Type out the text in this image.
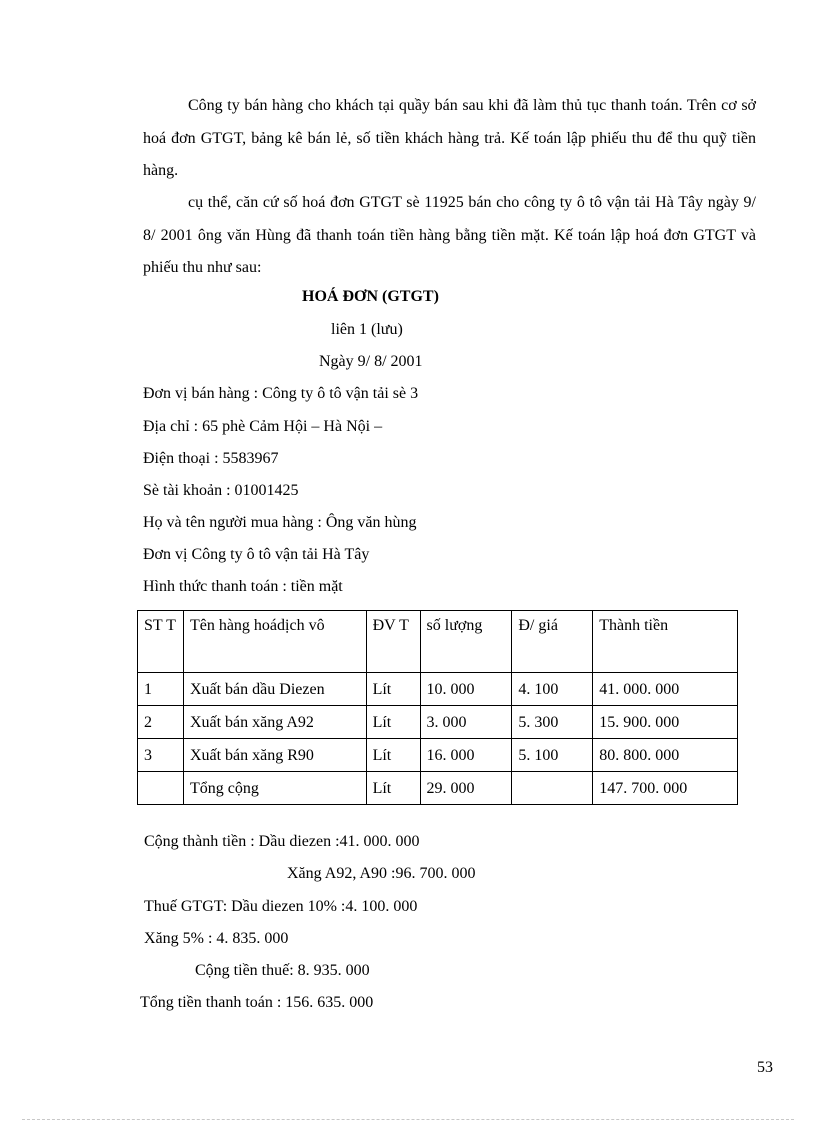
Công ty bán hàng cho khách tại quầy bán sau khi đã làm thủ tục thanh toán. Trên cơ sở hoá đơn GTGT, bảng kê bán lẻ, số tiền khách hàng trả. Kế toán lập phiếu thu để thu quỹ tiền hàng.

cụ thể, căn cứ số hoá đơn GTGT sè 11925 bán cho công ty ô tô vận tải Hà Tây ngày 9/ 8/ 2001 ông văn Hùng đã thanh toán tiền hàng bằng tiền mặt. Kế toán lập hoá đơn GTGT và phiếu thu như sau:

HOÁ ĐƠN (GTGT)
liên 1 (lưu)
Ngày 9/ 8/ 2001
Đơn vị bán hàng : Công ty ô tô vận tải sè 3
Địa chỉ : 65 phè Cảm Hội – Hà Nội –
Điện thoại : 5583967
Sè tài khoản : 01001425
Họ và tên người mua hàng : Ông văn hùng
Đơn vị Công ty ô tô vận tải Hà Tây
Hình thức thanh toán : tiền mặt
ST T	Tên hàng hoádịch vô	ĐV T	số lượng	Đ/ giá	Thành tiền
1	Xuất bán dầu Diezen	Lít	10. 000	4. 100	41. 000. 000
2	Xuất bán xăng A92	Lít	3. 000	5. 300	15. 900. 000
3	Xuất bán xăng R90	Lít	16. 000	5. 100	80. 800. 000
	Tổng cộng	Lít	29. 000		147. 700. 000
Cộng thành tiền : Dầu diezen :41. 000. 000
Xăng A92, A90 :96. 700. 000
Thuế GTGT: Dầu diezen 10% :4. 100. 000
Xăng 5% : 4. 835. 000
Cộng tiền thuế: 8. 935. 000
Tổng tiền thanh toán : 156. 635. 000
53
